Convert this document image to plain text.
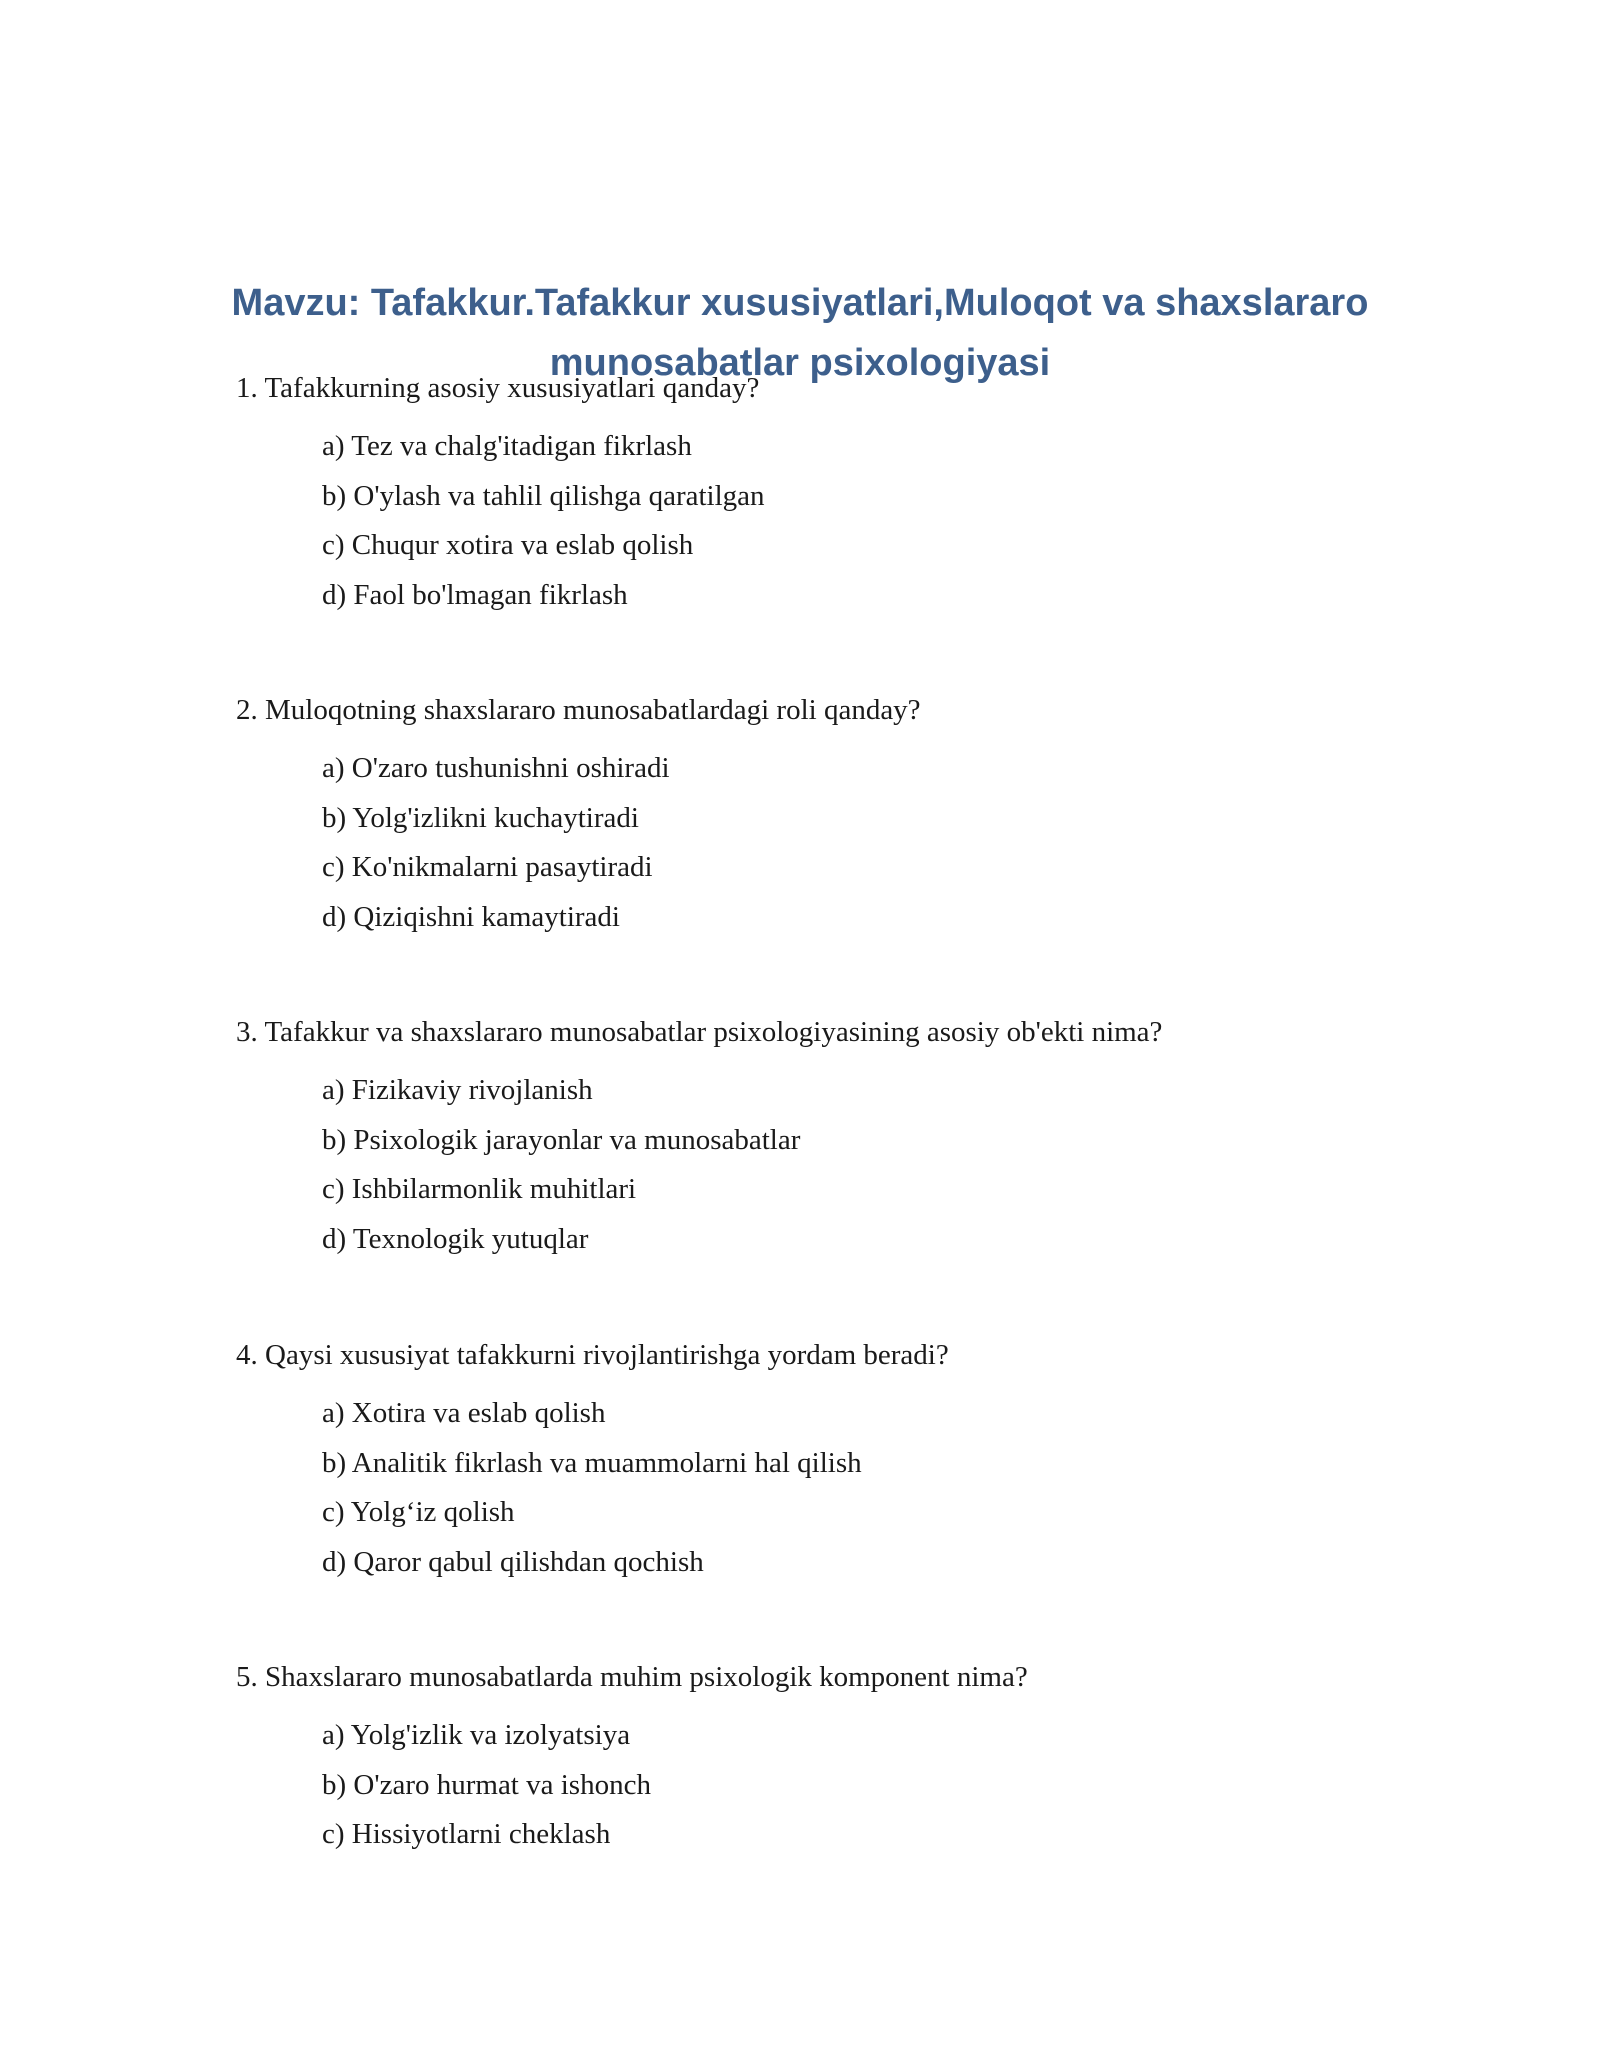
Mavzu: Tafakkur.Tafakkur xususiyatlari,Muloqot va shaxslararo
munosabatlar psixologiyasi

1. Tafakkurning asosiy xususiyatlari qanday?

a) Tez va chalg'itadigan fikrlash
b) O'ylash va tahlil qilishga qaratilgan
c) Chuqur xotira va eslab qolish
d) Faol bo'lmagan fikrlash

2. Muloqotning shaxslararo munosabatlardagi roli qanday?

a) O'zaro tushunishni oshiradi
b) Yolg'izlikni kuchaytiradi
c) Ko'nikmalarni pasaytiradi
d) Qiziqishni kamaytiradi

3. Tafakkur va shaxslararo munosabatlar psixologiyasining asosiy ob'ekti nima?

a) Fizikaviy rivojlanish
b) Psixologik jarayonlar va munosabatlar
c) Ishbilarmonlik muhitlari
d) Texnologik yutuqlar

4. Qaysi xususiyat tafakkurni rivojlantirishga yordam beradi?

a) Xotira va eslab qolish
b) Analitik fikrlash va muammolarni hal qilish
c) Yolg‘iz qolish
d) Qaror qabul qilishdan qochish

5. Shaxslararo munosabatlarda muhim psixologik komponent nima?

a) Yolg'izlik va izolyatsiya
b) O'zaro hurmat va ishonch
c) Hissiyotlarni cheklash
